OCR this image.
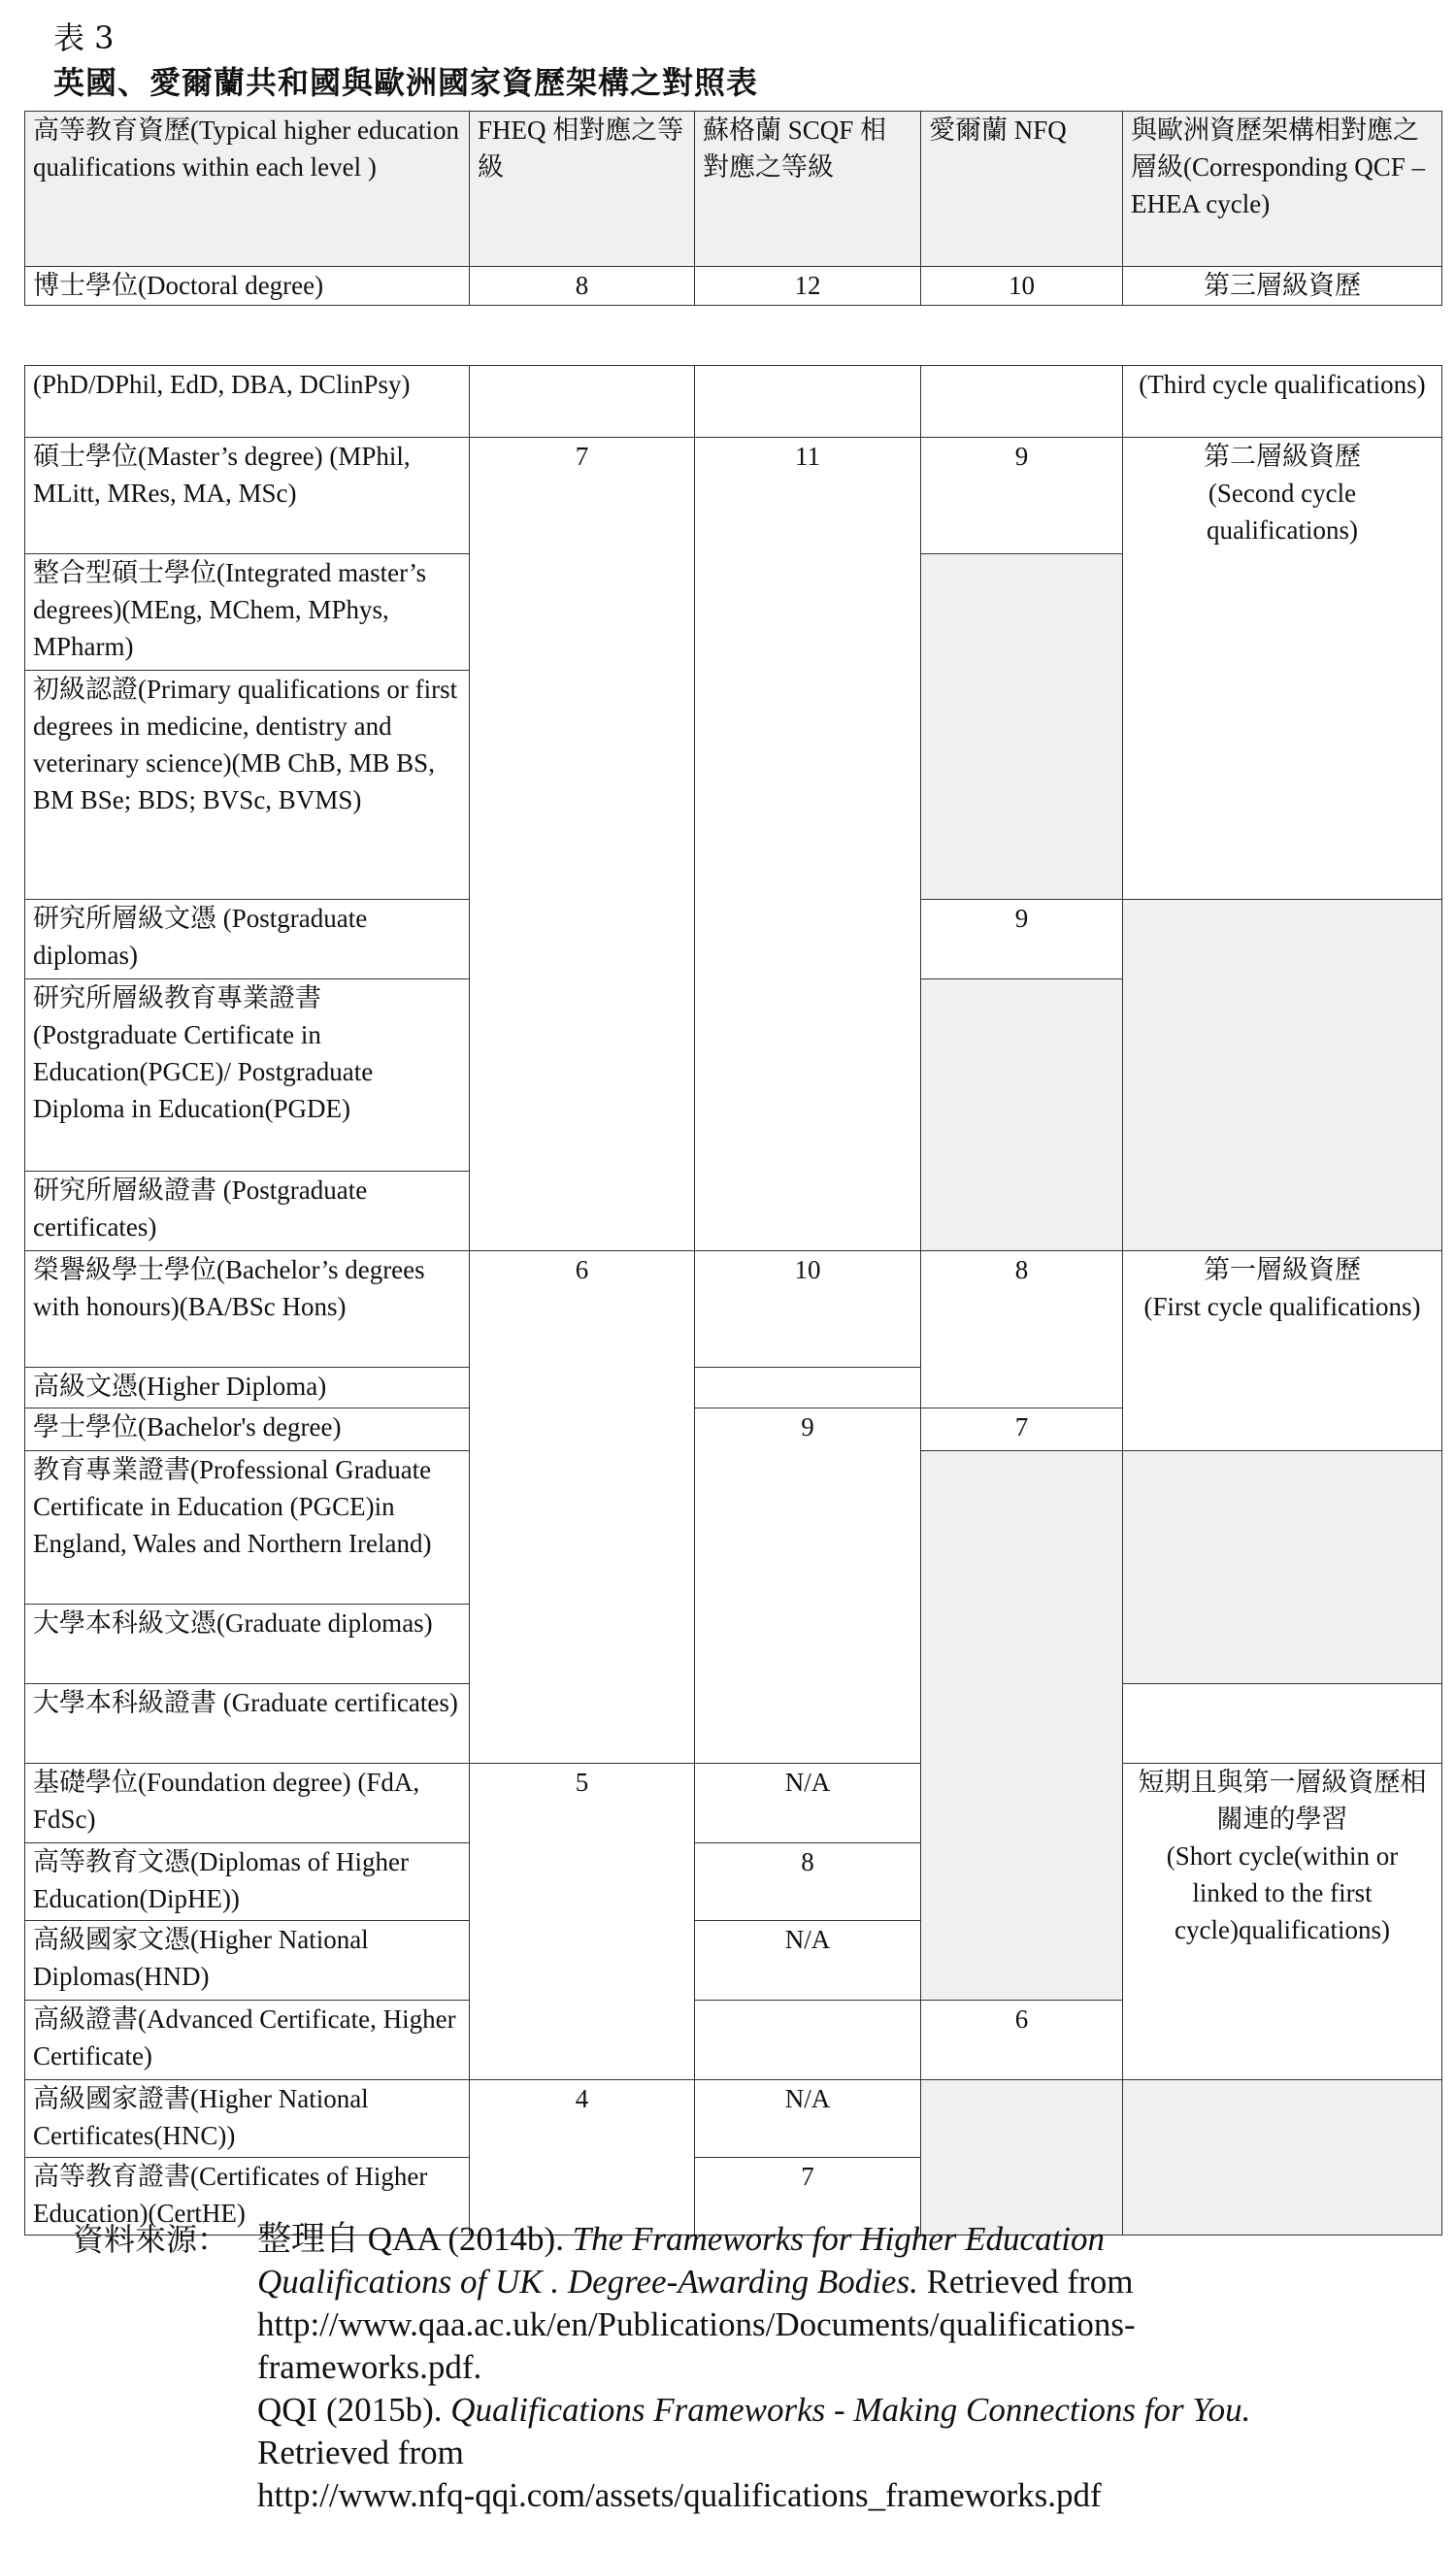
表 3
英國、愛爾蘭共和國與歐洲國家資歷架構之對照表
高等教育資歷(Typical higher education qualifications within each level )	FHEQ 相對應之等級	蘇格蘭 SCQF 相對應之等級	愛爾蘭 NFQ	與歐洲資歷架構相對應之層級(Corresponding QCF –EHEA cycle)
博士學位(Doctoral degree)	8	12	10	第三層級資歷

(PhD/DPhil, EdD, DBA, DClinPsy)				(Third cycle qualifications)
碩士學位(Master’s degree) (MPhil, MLitt, MRes, MA, MSc)	7	11	9	第二層級資歷
(Second cycle qualifications)

整合型碩士學位(Integrated master’s degrees)(MEng, MChem, MPhys, MPharm)				
初級認證(Primary qualifications or first degrees in medicine, dentistry and veterinary science)(MB ChB, MB BS, BM BSe; BDS; BVSc, BVMS)				
研究所層級文憑 (Postgraduate diplomas)			9	
研究所層級教育專業證書(Postgraduate Certificate in Education(PGCE)/ Postgraduate Diploma in Education(PGDE)				
研究所層級證書 (Postgraduate certificates)				
榮譽級學士學位(Bachelor’s degrees with honours)(BA/BSc Hons)	6	10	8	第一層級資歷
(First cycle qualifications)

高級文憑(Higher Diploma)				
學士學位(Bachelor's degree)		9	7	
教育專業證書(Professional Graduate Certificate in Education (PGCE)in England, Wales and Northern Ireland)				
大學本科級文憑(Graduate diplomas)				
大學本科級證書 (Graduate certificates)				
基礎學位(Foundation degree) (FdA, FdSc)	5	N/A		短期且與第一層級資歷相關連的學習
(Short cycle(within or linked to the first cycle)qualifications)

高等教育文憑(Diplomas of Higher Education(DipHE))		8		
高級國家文憑(Higher National Diplomas(HND)		N/A		
高級證書(Advanced Certificate, Higher Certificate)			6	
高級國家證書(Higher National Certificates(HNC))	4	N/A		
高等教育證書(Certificates of Higher Education)(CertHE)		7		
資料來源： 整理自 QAA (2014b). The Frameworks for Higher Education
Qualifications of UK . Degree-Awarding Bodies. Retrieved from
http://www.qaa.ac.uk/en/Publications/Documents/qualifications-
frameworks.pdf.
QQI (2015b). Qualifications Frameworks - Making Connections for You.
Retrieved from
http://www.nfq-qqi.com/assets/qualifications_frameworks.pdf
